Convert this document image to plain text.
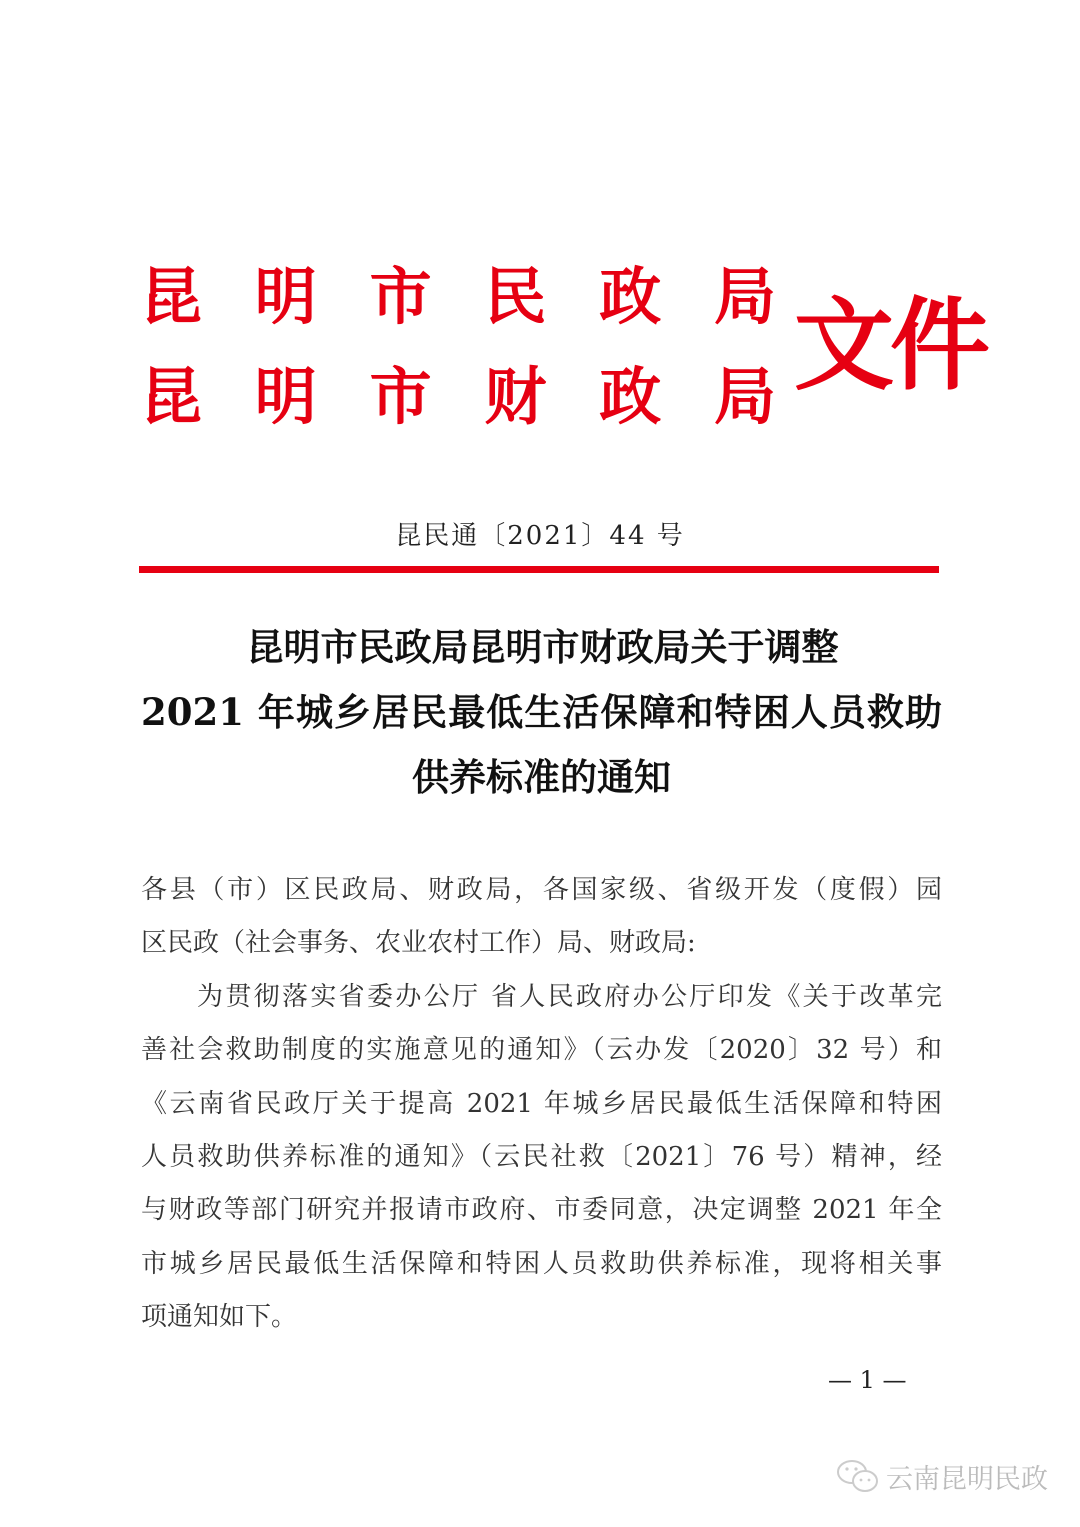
昆明市民政局
昆明市财政局 文件
昆民通〔2021〕44 号
昆明市民政局昆明市财政局关于调整
2021 年城乡居民最低生活保障和特困人员救助
供养标准的通知
各县（市）区民政局、财政局，各国家级、省级开发（度假）园
区民政（社会事务、农业农村工作）局、财政局:
为贯彻落实省委办公厅 省人民政府办公厅印发《关于改革完
善社会救助制度的实施意见的通知》（云办发〔2020〕32 号）和
《云南省民政厅关于提高 2021 年城乡居民最低生活保障和特困
人员救助供养标准的通知》（云民社救〔2021〕76 号）精神，经
与财政等部门研究并报请市政府、市委同意，决定调整 2021 年全
市城乡居民最低生活保障和特困人员救助供养标准，现将相关事
项通知如下。
— 1 —
云南昆明民政
